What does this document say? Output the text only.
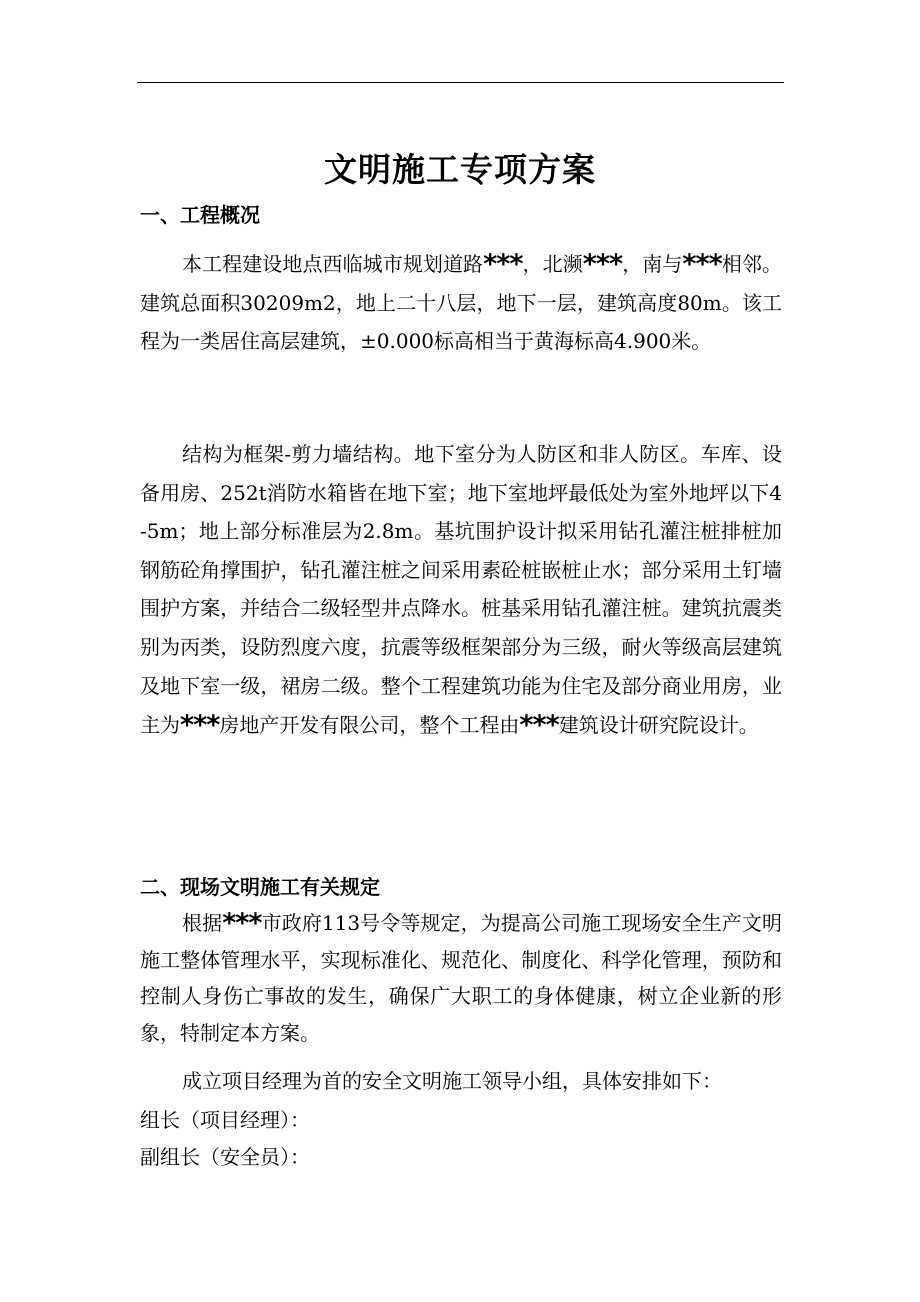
文明施工专项方案
一、工程概况
本工程建设地点西临城市规划道路***，北濒***，南与***相邻。建筑总面积30209m2，地上二十八层，地下一层，建筑高度80m。该工程为一类居住高层建筑，±0.000标高相当于黄海标高4.900米。
结构为框架-剪力墙结构。地下室分为人防区和非人防区。车库、设备用房、252t消防水箱皆在地下室；地下室地坪最低处为室外地坪以下4-5m；地上部分标准层为2.8m。基坑围护设计拟采用钻孔灌注桩排桩加钢筋砼角撑围护，钻孔灌注桩之间采用素砼桩嵌桩止水；部分采用土钉墙围护方案，并结合二级轻型井点降水。桩基采用钻孔灌注桩。建筑抗震类别为丙类，设防烈度六度，抗震等级框架部分为三级，耐火等级高层建筑及地下室一级，裙房二级。整个工程建筑功能为住宅及部分商业用房，业主为***房地产开发有限公司，整个工程由***建筑设计研究院设计。
二、现场文明施工有关规定
根据***市政府113号令等规定，为提高公司施工现场安全生产文明施工整体管理水平，实现标准化、规范化、制度化、科学化管理，预防和控制人身伤亡事故的发生，确保广大职工的身体健康，树立企业新的形象，特制定本方案。
成立项目经理为首的安全文明施工领导小组，具体安排如下：
组长（项目经理）：
副组长（安全员）：
